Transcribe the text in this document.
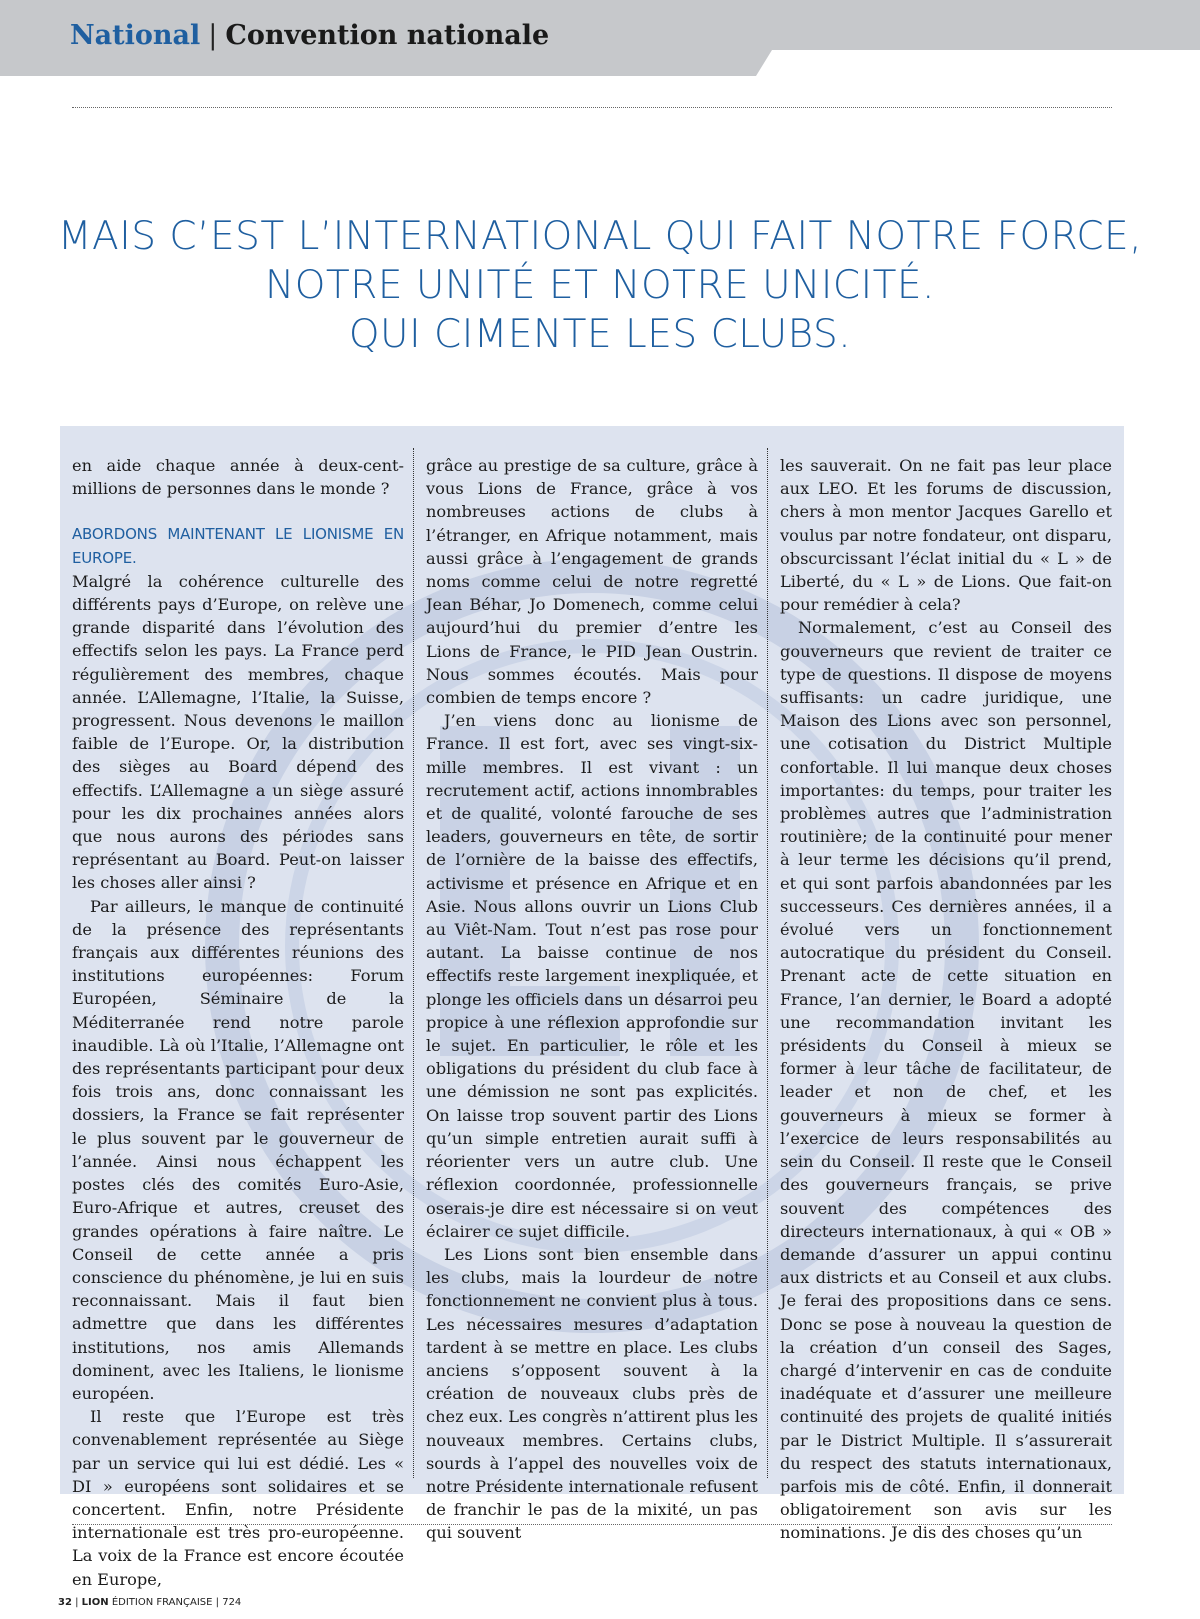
National | Convention nationale
MAIS C’EST L’INTERNATIONAL QUI FAIT NOTRE FORCE,
NOTRE UNITÉ ET NOTRE UNICITÉ.
QUI CIMENTE LES CLUBS.

en aide chaque année à deux-cent-millions de personnes dans le monde ?

ABORDONS MAINTENANT LE LIONISME EN EUROPE.

Malgré la cohérence culturelle des différents pays d’Europe, on relève une grande disparité dans l’évolution des effectifs selon les pays. La France perd régulièrement des membres, chaque année. L’Allemagne, l’Italie, la Suisse, progressent. Nous devenons le maillon faible de l’Europe. Or, la distribution des sièges au Board dépend des effectifs. L’Allemagne a un siège assuré pour les dix prochaines années alors que nous aurons des périodes sans représentant au Board. Peut-on laisser les choses aller ainsi ?

Par ailleurs, le manque de continuité de la présence des représentants français aux différentes réunions des institutions européennes: Forum Européen, Séminaire de la Méditerranée rend notre parole inaudible. Là où l’Italie, l’Allemagne ont des représentants participant pour deux fois trois ans, donc connaissant les dossiers, la France se fait représenter le plus souvent par le gouverneur de l’année. Ainsi nous échappent les postes clés des comités Euro-Asie, Euro-Afrique et autres, creuset des grandes opérations à faire naître. Le Conseil de cette année a pris conscience du phénomène, je lui en suis reconnaissant. Mais il faut bien admettre que dans les différentes institutions, nos amis Allemands dominent, avec les Italiens, le lionisme européen.

Il reste que l’Europe est très convenablement représentée au Siège par un service qui lui est dédié. Les « DI » européens sont solidaires et se concertent. Enfin, notre Présidente internationale est très pro-européenne. La voix de la France est encore écoutée en Europe,

grâce au prestige de sa culture, grâce à vous Lions de France, grâce à vos nombreuses actions de clubs à l’étranger, en Afrique notamment, mais aussi grâce à l’engagement de grands noms comme celui de notre regretté Jean Béhar, Jo Domenech, comme celui aujourd’hui du premier d’entre les Lions de France, le PID Jean Oustrin. Nous sommes écoutés. Mais pour combien de temps encore ?

J’en viens donc au lionisme de France. Il est fort, avec ses vingt-six-mille membres. Il est vivant : un recrutement actif, actions innombrables et de qualité, volonté farouche de ses leaders, gouverneurs en tête, de sortir de l’ornière de la baisse des effectifs, activisme et présence en Afrique et en Asie. Nous allons ouvrir un Lions Club au Viêt-Nam. Tout n’est pas rose pour autant. La baisse continue de nos effectifs reste largement inexpliquée, et plonge les officiels dans un désarroi peu propice à une réflexion approfondie sur le sujet. En particulier, le rôle et les obligations du président du club face à une démission ne sont pas explicités. On laisse trop souvent partir des Lions qu’un simple entretien aurait suffi à réorienter vers un autre club. Une réflexion coordonnée, professionnelle oserais-je dire est nécessaire si on veut éclairer ce sujet difficile.

Les Lions sont bien ensemble dans les clubs, mais la lourdeur de notre fonctionnement ne convient plus à tous. Les nécessaires mesures d’adaptation tardent à se mettre en place. Les clubs anciens s’opposent souvent à la création de nouveaux clubs près de chez eux. Les congrès n’attirent plus les nouveaux membres. Certains clubs, sourds à l’appel des nouvelles voix de notre Présidente internationale refusent de franchir le pas de la mixité, un pas qui souvent

les sauverait. On ne fait pas leur place aux LEO. Et les forums de discussion, chers à mon mentor Jacques Garello et voulus par notre fondateur, ont disparu, obscurcissant l’éclat initial du « L » de Liberté, du « L » de Lions. Que fait-on pour remédier à cela?

Normalement, c’est au Conseil des gouverneurs que revient de traiter ce type de questions. Il dispose de moyens suffisants: un cadre juridique, une Maison des Lions avec son personnel, une cotisation du District Multiple confortable. Il lui manque deux choses importantes: du temps, pour traiter les problèmes autres que l’administration routinière; de la continuité pour mener à leur terme les décisions qu’il prend, et qui sont parfois abandonnées par les successeurs. Ces dernières années, il a évolué vers un fonctionnement autocratique du président du Conseil. Prenant acte de cette situation en France, l’an dernier, le Board a adopté une recommandation invitant les présidents du Conseil à mieux se former à leur tâche de facilitateur, de leader et non de chef, et les gouverneurs à mieux se former à l’exercice de leurs responsabilités au sein du Conseil. Il reste que le Conseil des gouverneurs français, se prive souvent des compétences des directeurs internationaux, à qui « OB » demande d’assurer un appui continu aux districts et au Conseil et aux clubs. Je ferai des propositions dans ce sens. Donc se pose à nouveau la question de la création d’un conseil des Sages, chargé d’intervenir en cas de conduite inadéquate et d’assurer une meilleure continuité des projets de qualité initiés par le District Multiple. Il s’assurerait du respect des statuts internationaux, parfois mis de côté. Enfin, il donnerait obligatoirement son avis sur les nominations. Je dis des choses qu’un

32 | LION ÉDITION FRANÇAISE | 724
